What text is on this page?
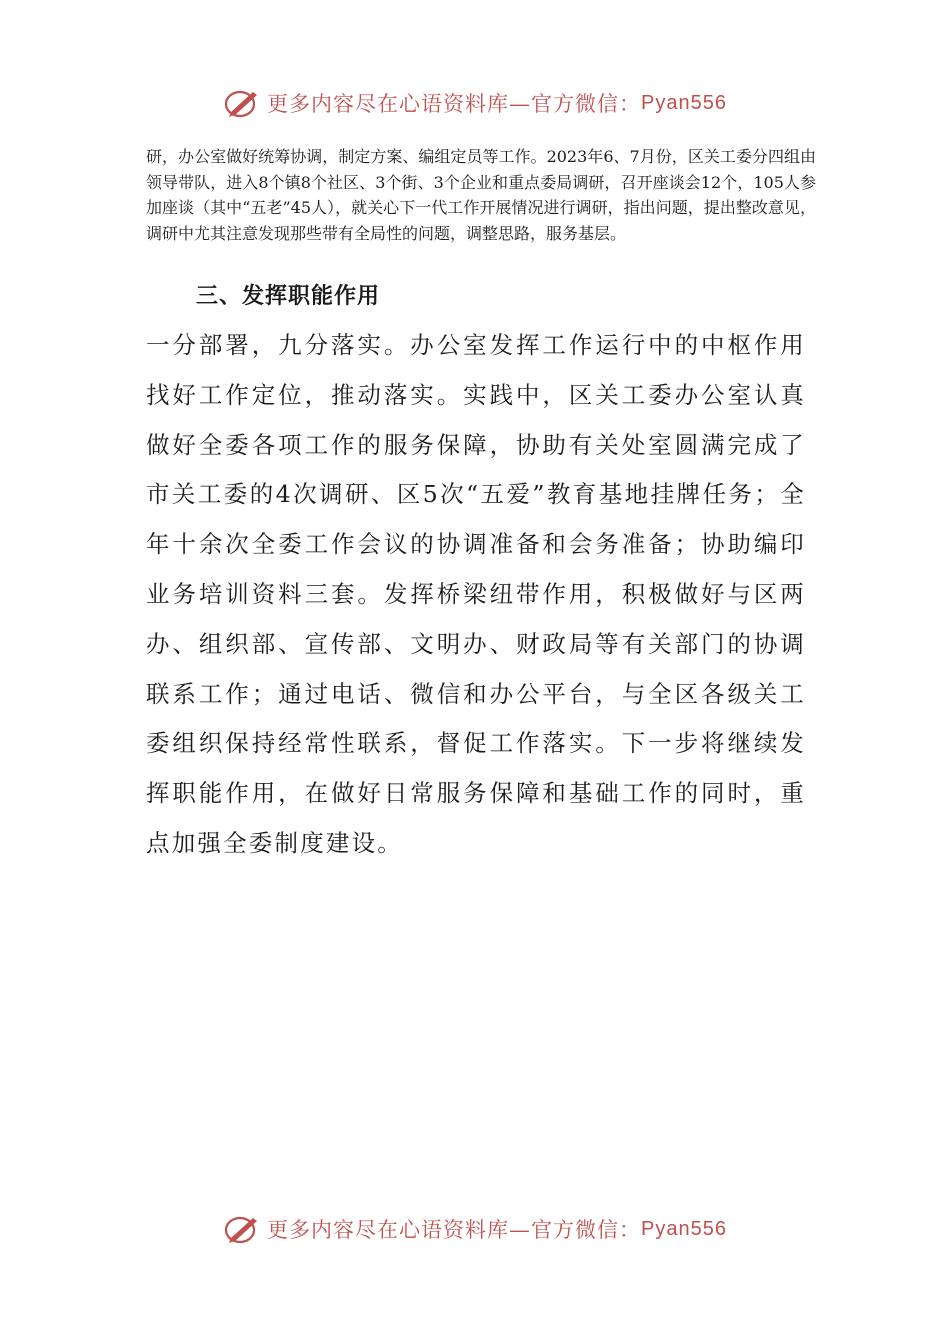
更多内容尽在心语资料库—官方微信： Pyan556

研，办公室做好统筹协调，制定方案、编组定员等工作。2023年6、7月份，区关工委分四组由领导带队，进入8个镇8个社区、3个街、3个企业和重点委局调研，召开座谈会12个，105人参加座谈（其中“五老”45人），就关心下一代工作开展情况进行调研，指出问题，提出整改意见，调研中尤其注意发现那些带有全局性的问题，调整思路，服务基层。

三、发挥职能作用

一分部署，九分落实。办公室发挥工作运行中的中枢作用找好工作定位，推动落实。实践中，区关工委办公室认真做好全委各项工作的服务保障，协助有关处室圆满完成了市关工委的4次调研、区5次“五爱”教育基地挂牌任务；全年十余次全委工作会议的协调准备和会务准备；协助编印业务培训资料三套。发挥桥梁纽带作用，积极做好与区两办、组织部、宣传部、文明办、财政局等有关部门的协调联系工作；通过电话、微信和办公平台，与全区各级关工委组织保持经常性联系，督促工作落实。下一步将继续发挥职能作用，在做好日常服务保障和基础工作的同时，重点加强全委制度建设。

更多内容尽在心语资料库—官方微信： Pyan556
